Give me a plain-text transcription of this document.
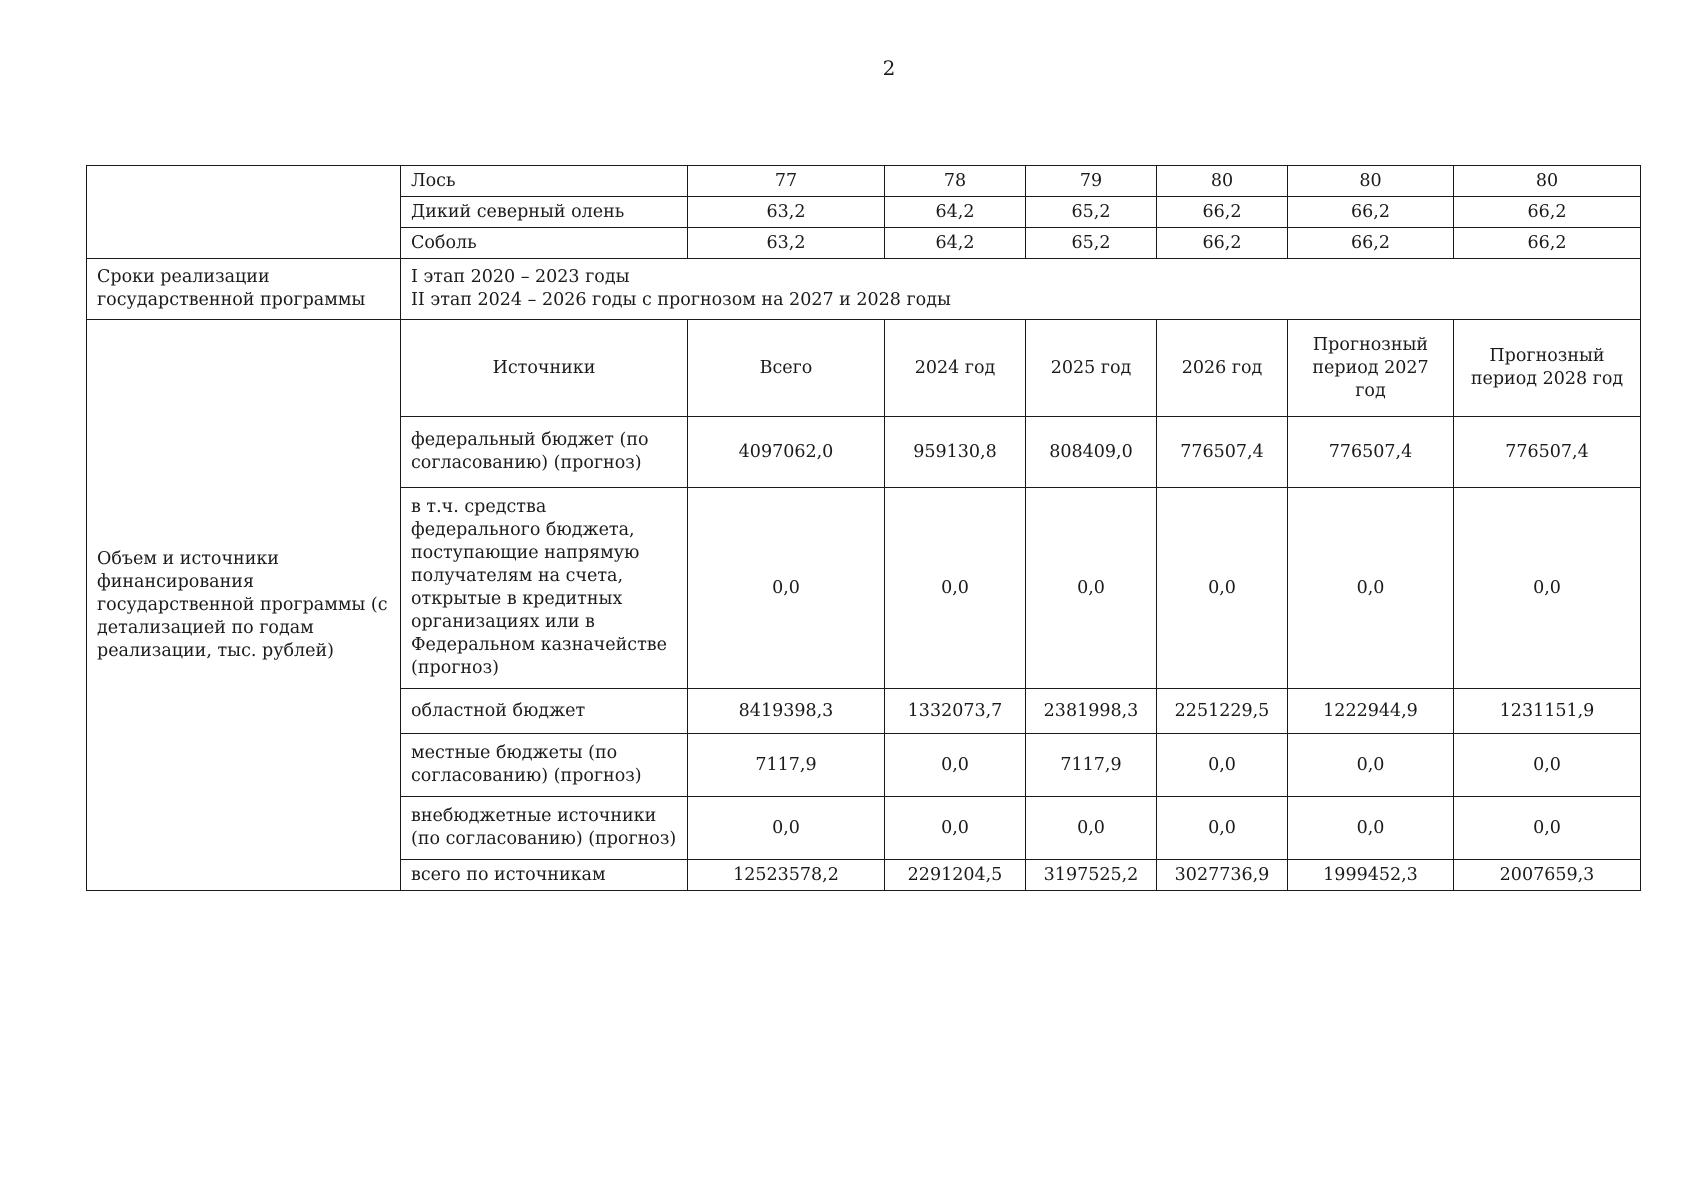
2
	Лось	77	78	79	80	80	80
	Дикий северный олень	63,2	64,2	65,2	66,2	66,2	66,2
	Соболь	63,2	64,2	65,2	66,2	66,2	66,2
Сроки реализации государственной программы	I этап 2020 – 2023 годы
II этап 2024 – 2026 годы с прогнозом на 2027 и 2028 годы						

Объем и источники финансирования государственной программы (с детализацией по годам реализации, тыс. рублей)	Источники	Всего	2024 год	2025 год	2026 год	Прогнозный период 2027 год	Прогнозный период 2028 год
	федеральный бюджет (по согласованию) (прогноз)	4097062,0	959130,8	808409,0	776507,4	776507,4	776507,4
	в т.ч. средства федерального бюджета, поступающие напрямую получателям на счета, открытые в кредитных организациях или в Федеральном казначействе (прогноз)	0,0	0,0	0,0	0,0	0,0	0,0
	областной бюджет	8419398,3	1332073,7	2381998,3	2251229,5	1222944,9	1231151,9
	местные бюджеты (по согласованию) (прогноз)	7117,9	0,0	7117,9	0,0	0,0	0,0
	внебюджетные источники (по согласованию) (прогноз)	0,0	0,0	0,0	0,0	0,0	0,0
	всего по источникам	12523578,2	2291204,5	3197525,2	3027736,9	1999452,3	2007659,3
